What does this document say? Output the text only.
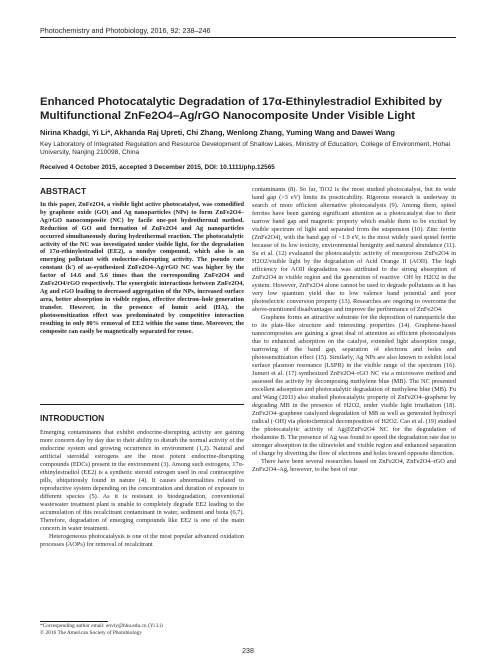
Photochemistry and Photobiology, 2016, 92: 238–246
Enhanced Photocatalytic Degradation of 17α-Ethinylestradiol Exhibited by Multifunctional ZnFe2O4–Ag/rGO Nanocomposite Under Visible Light
Nirina Khadgi, Yi Li*, Akhanda Raj Upreti, Chi Zhang, Wenlong Zhang, Yuming Wang and Dawei Wang
Key Laboratory of Integrated Regulation and Resource Development of Shallow Lakes, Ministry of Education, College of Environment, Hohai University, Nanjing 210098, China
Received 4 October 2015, accepted 3 December 2015, DOI: 10.1111/php.12565
ABSTRACT
In this paper, ZnFe2O4, a visible light active photocatalyst, was comodified by graphene oxide (GO) and Ag nanoparticles (NPs) to form ZnFe2O4–Ag/rGO nanocomposite (NC) by facile one-pot hydrothermal method. Reduction of GO and formation of ZnFe2O4 and Ag nanoparticles occurred simultaneously during hydrothermal reaction. The photocatalytic activity of the NC was investigated under visible light, for the degradation of 17α-ethinylestradiol (EE2), a nondye compound, which also is an emerging pollutant with endocrine-disrupting activity. The pseudo rate constant (k') of as-synthesized ZnFe2O4–Ag/rGO NC was higher by the factor of 14.6 and 5.6 times than the corresponding ZnFe2O4 and ZnFe2O4/rGO respectively. The synergistic interactions between ZnFe2O4, Ag and rGO leading to decreased aggregation of the NPs, increased surface area, better absorption in visible region, effective electron–hole generation transfer. However, in the presence of humic acid (HA), the photosensitization effect was predominated by competitive interaction resulting in only 80% removal of EE2 within the same time. Moreover, the composite can easily be magnetically separated for reuse.
INTRODUCTION

Emerging contaminants that exhibit endocrine-disrupting activity are gaining more concern day by day due to their ability to disturb the normal activity of the endocrine system and growing occurrence in environment (1,2). Natural and artificial steroidal estrogens are the most potent endocrine-disrupting compounds (EDCs) present in the environment (3). Among such estrogens, 17α-ethinylestradiol (EE2) is a synthetic steroid estrogen used in oral contraceptive pills, ubiquitously found in nature (4). It causes abnormalities related to reproductive system depending on the concentration and duration of exposure to different species (5). As it is resistant to biodegradation, conventional wastewater treatment plant is unable to completely degrade EE2 leading to the accumulation of this recalcitrant contaminant in water, sediment and biota (6,7). Therefore, degradation of emerging compounds like EE2 is one of the main concern in water treatment.

Heterogeneous photocatalysis is one of the most popular advanced oxidation processes (AOPs) for removal of recalcitrant

*Corresponding author email: envly@hhu.edu.cn (Yi Li)
© 2016 The American Society of Photobiology

contaminants (8). So far, TiO2 is the most studied photocatalyst, but its wide band gap (>3 eV) limits its practicability. Rigorous research is underway in search of more efficient alternative photocatalysts (9). Among them, spinel ferrites have been gaining significant attention as a photocatalyst due to their narrow band gap and magnetic property which enable them to be excited by visible spectrum of light and separated from the suspension (10). Zinc ferrite (ZnFe2O4), with the band gap of ~1.9 eV, is the most widely used spinel ferrite because of its low toxicity, environmental benignity and natural abundance (11). Su et al. (12) evaluated the photocatalytic activity of mesoporous ZnFe2O4 in H2O2/visible light by the degradation of Acid Orange II (AOII). The high efficiency for AOII degradation was attributed to the strong absorption of ZnFe2O4 in visible region and the generation of reactive ·OH by H2O2 in the system. However, ZnFe2O4 alone cannot be used to degrade pollutants as it has very low quantum yield due to low valence band potential and poor photoelectric conversion property (13). Researches are ongoing to overcome the above-mentioned disadvantages and improve the performance of ZnFe2O4.

Graphene forms an attractive substrate for the deposition of nanoparticle due to its plate-like structure and interesting properties (14). Graphene-based nanocomposites are gaining a great deal of attention as efficient photocatalysts due to enhanced adsorption on the catalyst, extended light absorption range, narrowing of the band gap, separation of electrons and holes and photosensitization effect (15). Similarly, Ag NPs are also known to exhibit local surface plasmon resonance (LSPR) in the visible range of the spectrum (16). Jumeri et al. (17) synthesized ZnFe2O4–rGO NC via a microwave method and assessed the activity by decomposing methylene blue (MB). The NC presented excellent adsorption and photocatalytic degradation of methylene blue (MB). Fu and Wang (2011) also studied photocatalytic property of ZnFe2O4–graphene by degrading MB in the presence of H2O2, under visible light irradiation (18). ZnFe2O4–graphene catalyzed degradation of MB as well as generated hydroxyl radical (·OH) via photochemical decomposition of H2O2. Cao et al. (19) studied the photocatalytic activity of Ag@ZnFe2O4 NC for the degradation of rhodamine B. The presence of Ag was found to speed the degradation rate due to stronger absorption in the ultraviolet and visible region and enhanced separation of charge by diverting the flow of electrons and holes toward opposite direction.

There have been several researches based on ZnFe2O4, ZnFe2O4–rGO and ZnFe2O4–Ag, however, to the best of our

238
